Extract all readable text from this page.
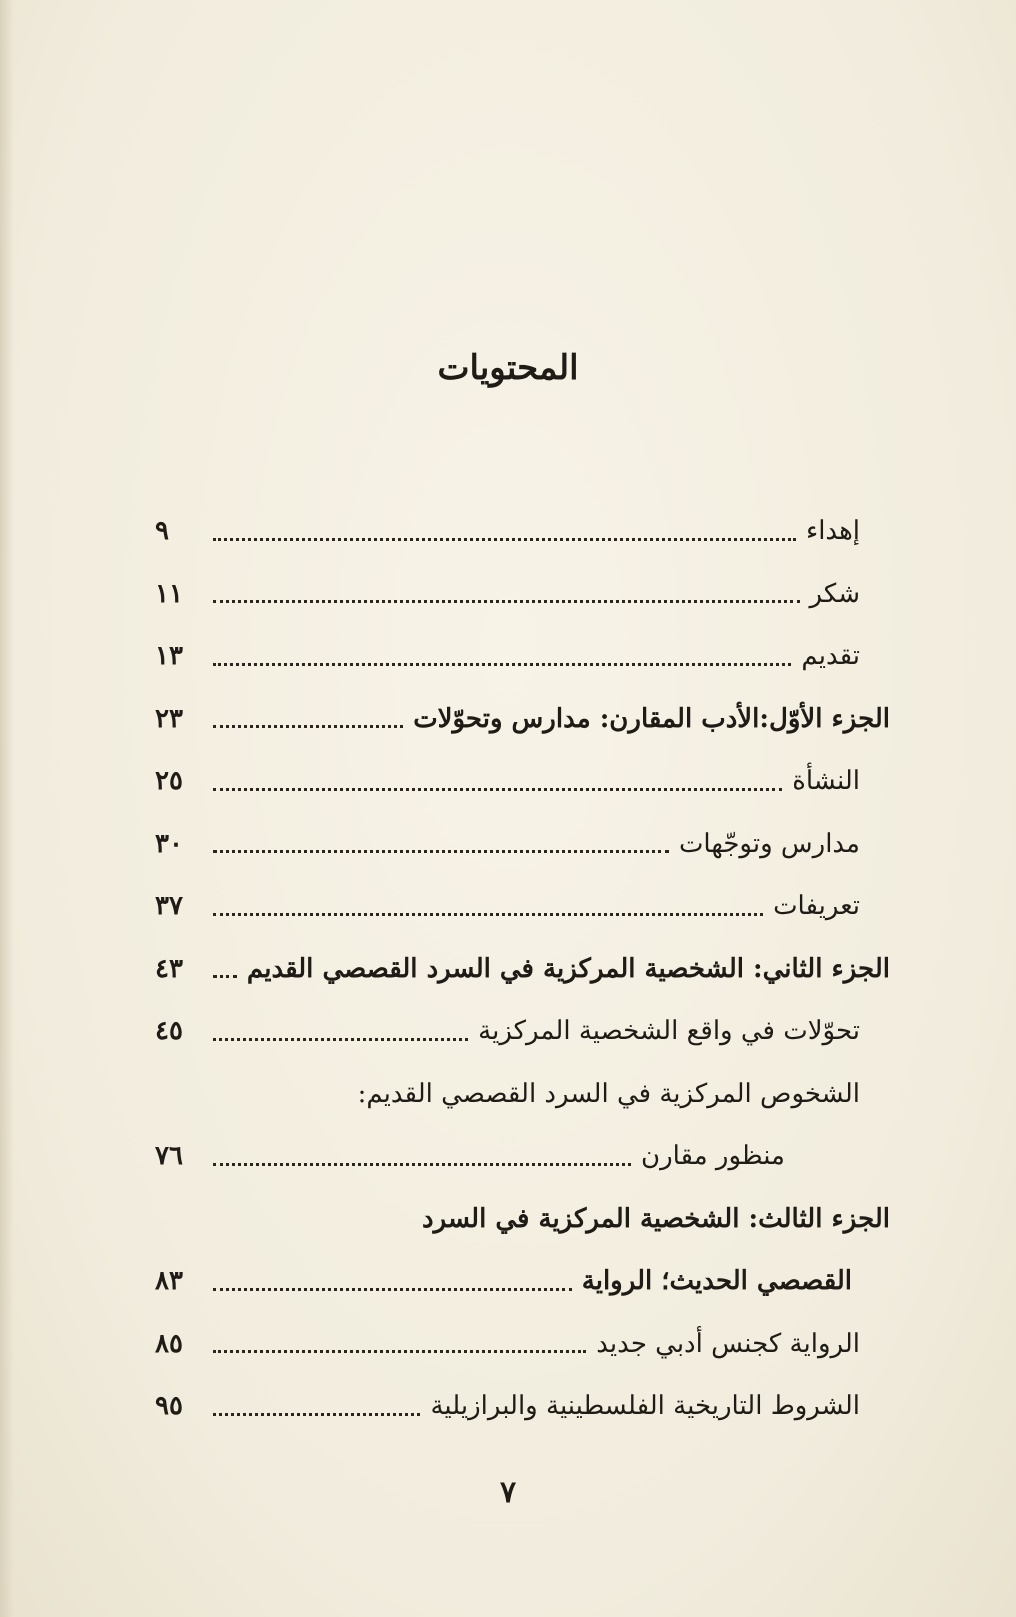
المحتويات
إهداء
٩
شكر
١١
تقديم
١٣
الجزء الأوّل:الأدب المقارن: مدارس وتحوّلات
٢٣
النشأة
٢٥
مدارس وتوجّهات
٣٠
تعريفات
٣٧
الجزء الثاني: الشخصية المركزية في السرد القصصي القديم
٤٣
تحوّلات في واقع الشخصية المركزية
٤٥
الشخوص المركزية في السرد القصصي القديم:
منظور مقارن
٧٦
الجزء الثالث: الشخصية المركزية في السرد
القصصي الحديث؛ الرواية
٨٣
الرواية كجنس أدبي جديد
٨٥
الشروط التاريخية الفلسطينية والبرازيلية
٩٥
٧
